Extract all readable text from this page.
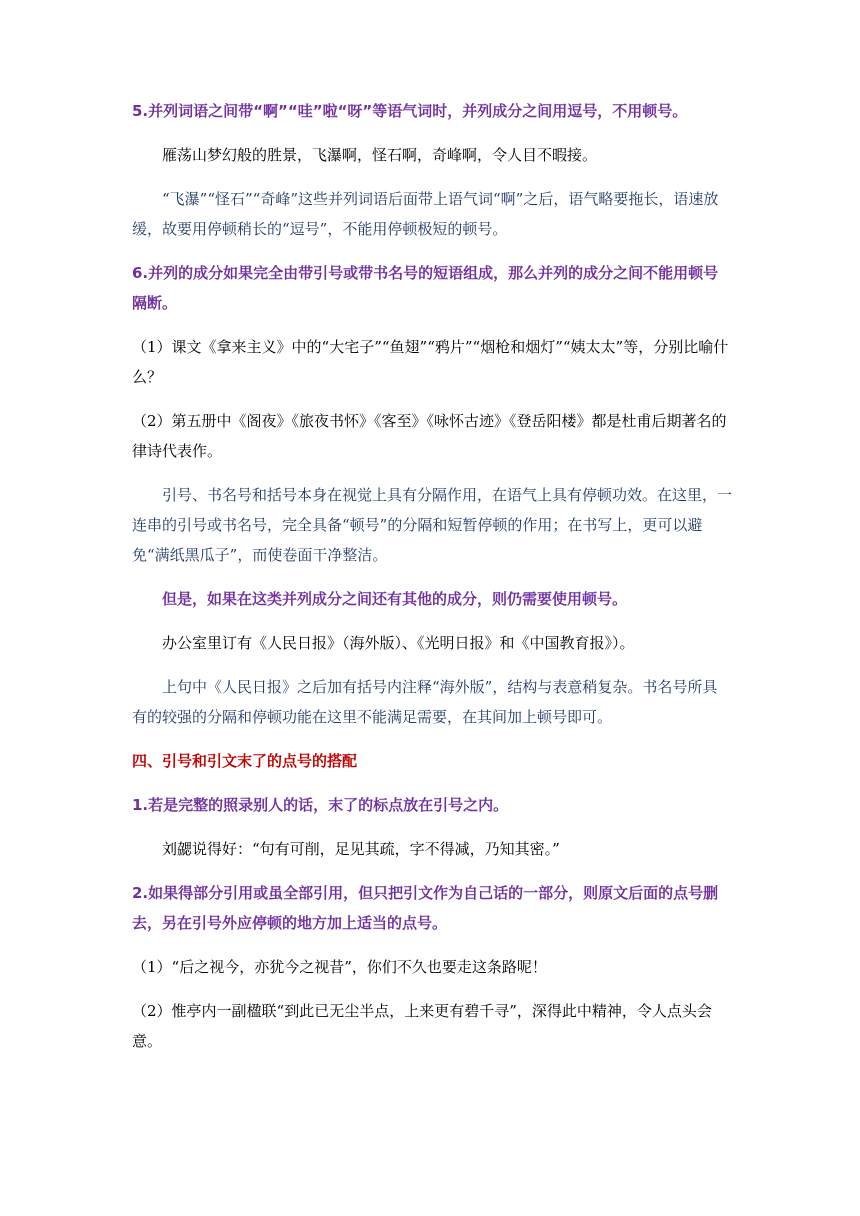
5.并列词语之间带“啊”“哇”啦“呀”等语气词时，并列成分之间用逗号，不用顿号。

雁荡山梦幻般的胜景，飞瀑啊，怪石啊，奇峰啊，令人目不暇接。

“飞瀑”“怪石”“奇峰”这些并列词语后面带上语气词“啊”之后，语气略要拖长，语速放缓，故要用停顿稍长的“逗号”，不能用停顿极短的顿号。

6.并列的成分如果完全由带引号或带书名号的短语组成，那么并列的成分之间不能用顿号隔断。

（1）课文《拿来主义》中的“大宅子”“鱼翅”“鸦片”“烟枪和烟灯”“姨太太”等，分别比喻什么？

（2）第五册中《阁夜》《旅夜书怀》《客至》《咏怀古迹》《登岳阳楼》都是杜甫后期著名的律诗代表作。

引号、书名号和括号本身在视觉上具有分隔作用，在语气上具有停顿功效。在这里，一连串的引号或书名号，完全具备“顿号”的分隔和短暂停顿的作用；在书写上，更可以避免“满纸黑瓜子”，而使卷面干净整洁。

但是，如果在这类并列成分之间还有其他的成分，则仍需要使用顿号。

办公室里订有《人民日报》（海外版）、《光明日报》和《中国教育报》）。

上句中《人民日报》之后加有括号内注释“海外版”，结构与表意稍复杂。书名号所具有的较强的分隔和停顿功能在这里不能满足需要，在其间加上顿号即可。

四、引号和引文末了的点号的搭配

1.若是完整的照录别人的话，末了的标点放在引号之内。

刘勰说得好：“句有可削，足见其疏，字不得减，乃知其密。”

2.如果得部分引用或虽全部引用，但只把引文作为自己话的一部分，则原文后面的点号删去，另在引号外应停顿的地方加上适当的点号。

（1）“后之视今，亦犹今之视昔”，你们不久也要走这条路呢！

（2）惟亭内一副楹联“到此已无尘半点，上来更有碧千寻”，深得此中精神，令人点头会意。
